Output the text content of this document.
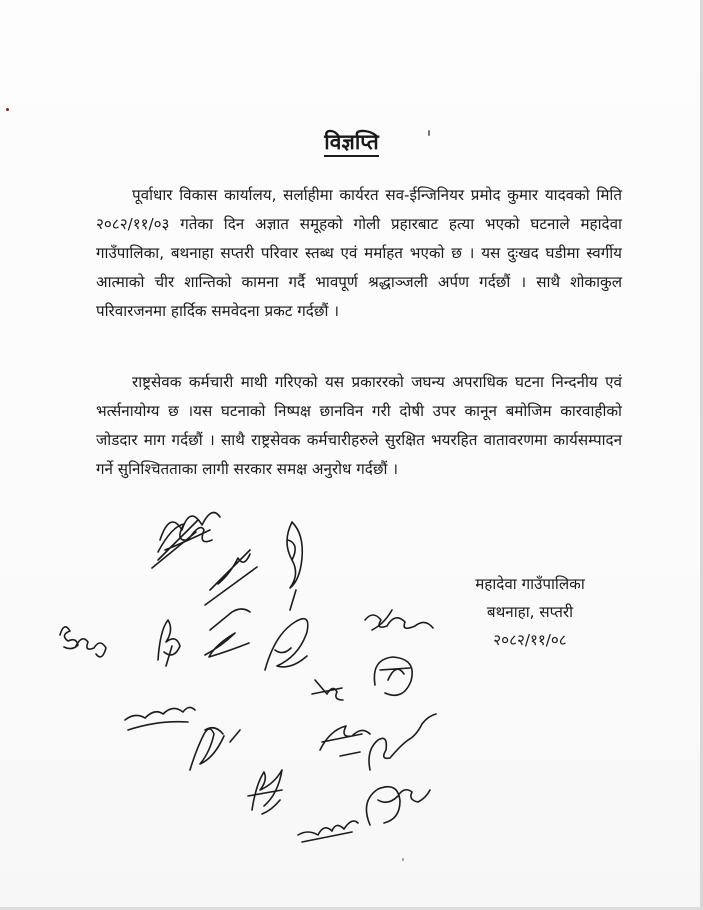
विज्ञप्ति

पूर्वाधार विकास कार्यालय, सर्लाहीमा कार्यरत सव-ईन्जिनियर प्रमोद कुमार यादवको मिति २०८२/११/०३ गतेका दिन अज्ञात समूहको गोली प्रहारबाट हत्या भएको घटनाले महादेवा गाउँपालिका, बथनाहा सप्तरी परिवार स्तब्ध एवं मर्माहत भएको छ । यस दुःखद घडीमा स्वर्गीय आत्माको चीर शान्तिको कामना गर्दै भावपूर्ण श्रद्धाञ्जली अर्पण गर्दछौं । साथै शोकाकुल परिवारजनमा हार्दिक समवेदना प्रकट गर्दछौं ।

राष्ट्रसेवक कर्मचारी माथी गरिएको यस प्रकाररको जघन्य अपराधिक घटना निन्दनीय एवं भर्त्सनायोग्य छ ।यस घटनाको निष्पक्ष छानविन गरी दोषी उपर कानून बमोजिम कारवाहीको जोडदार माग गर्दछौं । साथै राष्ट्रसेवक कर्मचारीहरुले सुरक्षित भयरहित वातावरणमा कार्यसम्पादन गर्ने सुनिश्चितताका लागी सरकार समक्ष अनुरोध गर्दछौं ।

महादेवा गाउँपालिका
बथनाहा, सप्तरी
२०८२/११/०८
